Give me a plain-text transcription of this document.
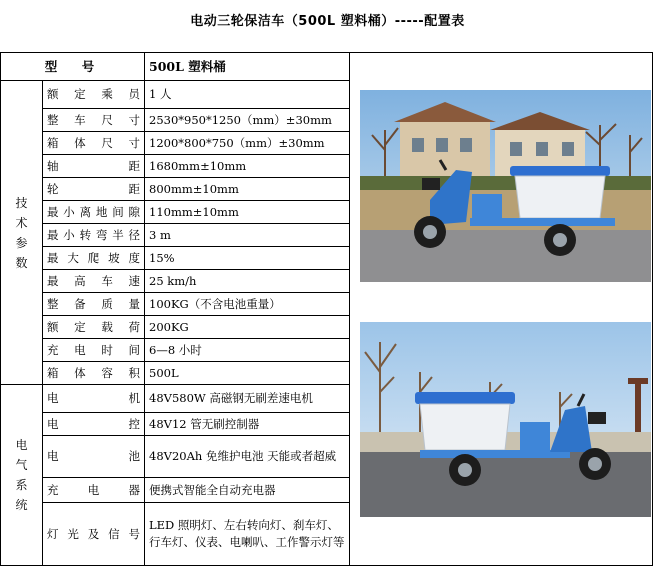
电动三轮保洁车（500L 塑料桶）-----配置表
型　号		500L 塑料桶	

技术参数	额定乘员	1 人	
	整车尺寸	2530*950*1250（mm）±30mm	
	箱体尺寸	1200*800*750（mm）±30mm	
	轴　　距	1680mm±10mm	
	轮　　距	800mm±10mm	
	最小离地间隙	110mm±10mm	
	最小转弯半径	3 m	
	最大爬坡度	15%	
	最高车速	25 km/h	
	整备质量	100KG（不含电池重量）	
	额定载荷	200KG	
	充电时间	6—8 小时	
	箱体容积	500L	
电气系统	电　　机	48V580W 高磁钢无刷差速电机	
	电　　控	48V12 管无刷控制器	
	电　　池	48V20Ah 免维护电池 天能或者超威	
	充电器	便携式智能全自动充电器	
	灯光及信号	LED 照明灯、左右转向灯、刹车灯、行车灯、仪表、电喇叭、工作警示灯等	
